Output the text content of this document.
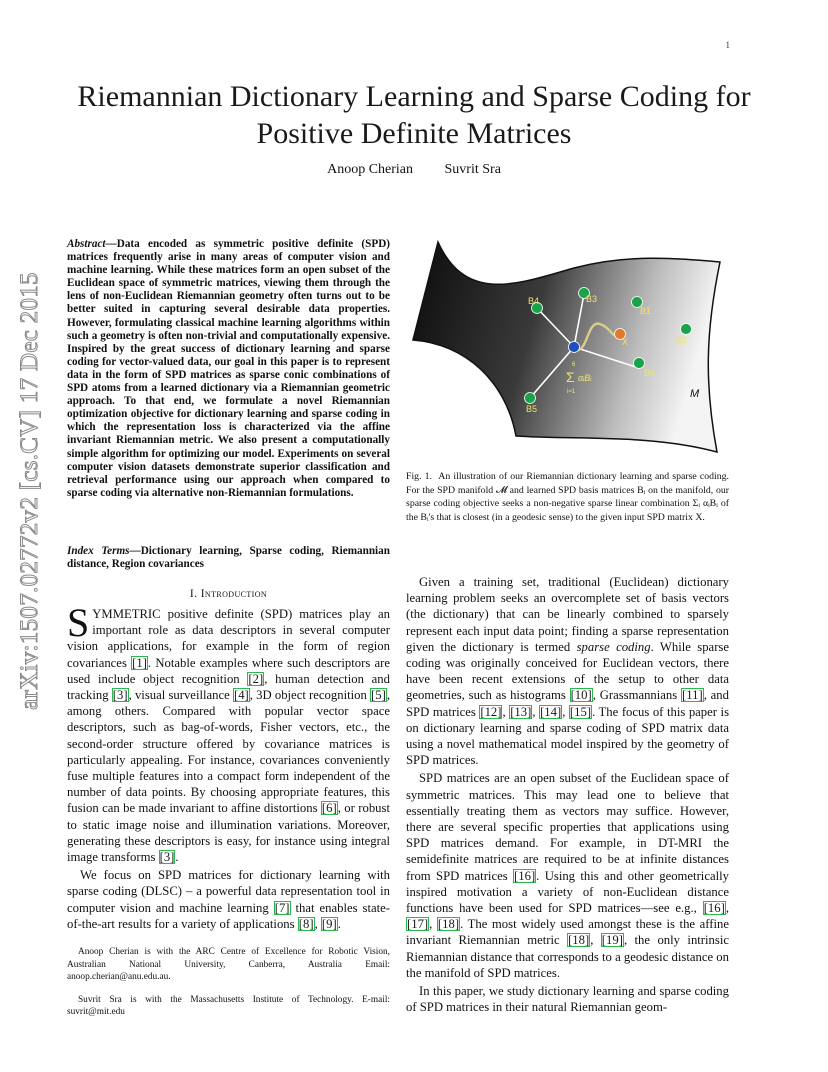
1
arXiv:1507.02772v2 [cs.CV] 17 Dec 2015
Riemannian Dictionary Learning and Sparse Coding for Positive Definite Matrices
Anoop Cherian Suvrit Sra
Abstract—Data encoded as symmetric positive definite (SPD) matrices frequently arise in many areas of computer vision and machine learning. While these matrices form an open subset of the Euclidean space of symmetric matrices, viewing them through the lens of non-Euclidean Riemannian geometry often turns out to be better suited in capturing several desirable data properties. However, formulating classical machine learning algorithms within such a geometry is often non-trivial and computationally expensive. Inspired by the great success of dictionary learning and sparse coding for vector-valued data, our goal in this paper is to represent data in the form of SPD matrices as sparse conic combinations of SPD atoms from a learned dictionary via a Riemannian geometric approach. To that end, we formulate a novel Riemannian optimization objective for dictionary learning and sparse coding in which the representation loss is characterized via the affine invariant Riemannian metric. We also present a computationally simple algorithm for optimizing our model. Experiments on several computer vision datasets demonstrate superior classification and retrieval performance using our approach when compared to sparse coding via alternative non-Riemannian formulations.
Index Terms—Dictionary learning, Sparse coding, Riemannian distance, Region covariances
I. Introduction

SYMMETRIC positive definite (SPD) matrices play an important role as data descriptors in several computer vision applications, for example in the form of region covariances [1]. Notable examples where such descriptors are used include object recognition [2], human detection and tracking [3], visual surveillance [4], 3D object recognition [5], among others. Compared with popular vector space descriptors, such as bag-of-words, Fisher vectors, etc., the second-order structure offered by covariance matrices is particularly appealing. For instance, covariances conveniently fuse multiple features into a compact form independent of the number of data points. By choosing appropriate features, this fusion can be made invariant to affine distortions [6], or robust to static image noise and illumination variations. Moreover, generating these descriptors is easy, for instance using integral image transforms [3].

We focus on SPD matrices for dictionary learning with sparse coding (DLSC) – a powerful data representation tool in computer vision and machine learning [7] that enables state-of-the-art results for a variety of applications [8], [9].

Anoop Cherian is with the ARC Centre of Excellence for Robotic Vision, Australian National University, Canberra, Australia Email: anoop.cherian@anu.edu.au.

Suvrit Sra is with the Massachusetts Institute of Technology. E-mail: suvrit@mit.edu

B4	B3
B1
B2
B6
B5
X
6
Σ αᵢBᵢ
i=1	M
Fig. 1. An illustration of our Riemannian dictionary learning and sparse coding. For the SPD manifold 𝓜 and learned SPD basis matrices Bᵢ on the manifold, our sparse coding objective seeks a non-negative sparse linear combination Σᵢ αᵢBᵢ of the Bᵢ's that is closest (in a geodesic sense) to the given input SPD matrix X.

Given a training set, traditional (Euclidean) dictionary learning problem seeks an overcomplete set of basis vectors (the dictionary) that can be linearly combined to sparsely represent each input data point; finding a sparse representation given the dictionary is termed sparse coding. While sparse coding was originally conceived for Euclidean vectors, there have been recent extensions of the setup to other data geometries, such as histograms [10], Grassmannians [11], and SPD matrices [12], [13], [14], [15]. The focus of this paper is on dictionary learning and sparse coding of SPD matrix data using a novel mathematical model inspired by the geometry of SPD matrices.

SPD matrices are an open subset of the Euclidean space of symmetric matrices. This may lead one to believe that essentially treating them as vectors may suffice. However, there are several specific properties that applications using SPD matrices demand. For example, in DT-MRI the semidefinite matrices are required to be at infinite distances from SPD matrices [16]. Using this and other geometrically inspired motivation a variety of non-Euclidean distance functions have been used for SPD matrices—see e.g., [16], [17], [18]. The most widely used amongst these is the affine invariant Riemannian metric [18], [19], the only intrinsic Riemannian distance that corresponds to a geodesic distance on the manifold of SPD matrices.

In this paper, we study dictionary learning and sparse coding of SPD matrices in their natural Riemannian geom-
